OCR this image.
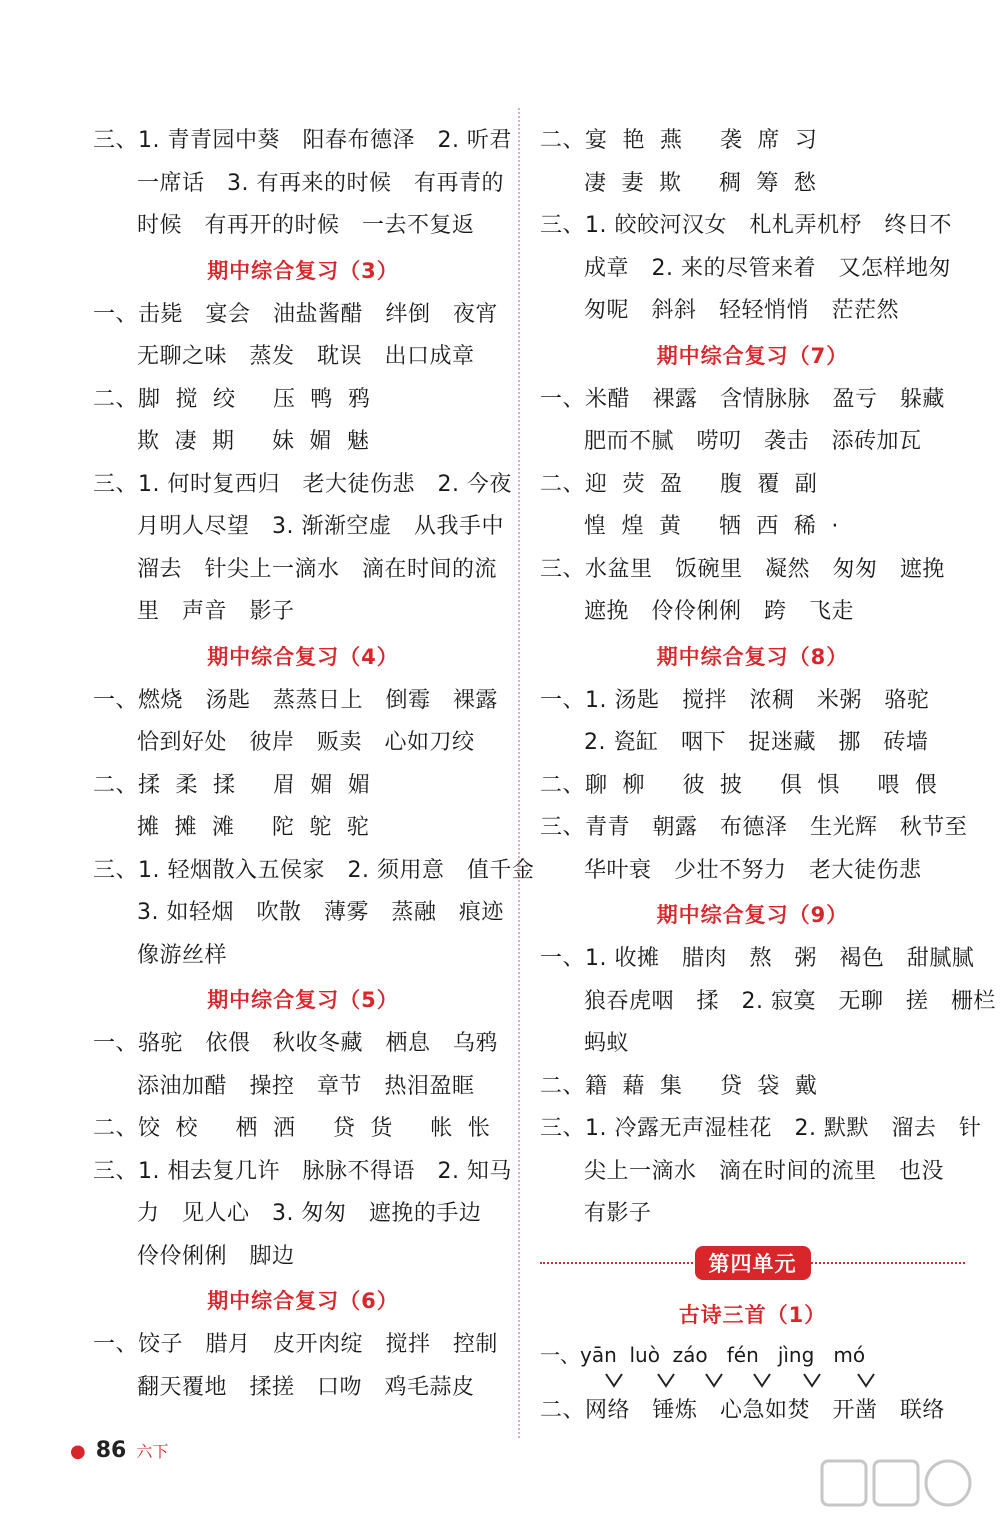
三、1. 青青园中葵   阳春布德泽   2. 听君
一席话   3. 有再来的时候   有再青的
时候   有再开的时候   一去不复返
期中综合复习（3）
一、击毙   宴会   油盐酱醋   绊倒   夜宵
无聊之味   蒸发   耽误   出口成章
二、脚  搅  绞     压  鸭  鸦
欺  凄  期     妹  媚  魅
三、1. 何时复西归   老大徒伤悲   2. 今夜
月明人尽望   3. 渐渐空虚   从我手中
溜去   针尖上一滴水   滴在时间的流
里   声音   影子
期中综合复习（4）
一、燃烧   汤匙   蒸蒸日上   倒霉   裸露
恰到好处   彼岸   贩卖   心如刀绞
二、揉  柔  揉     眉  媚  媚
摊  摊  滩     陀  鸵  驼
三、1. 轻烟散入五侯家   2. 须用意   值千金
3. 如轻烟   吹散   薄雾   蒸融   痕迹
像游丝样
期中综合复习（5）
一、骆驼   依偎   秋收冬藏   栖息   乌鸦
添油加醋   操控   章节   热泪盈眶
二、饺  校     栖  洒     贷  货     帐  怅
三、1. 相去复几许   脉脉不得语   2. 知马
力   见人心   3. 匆匆   遮挽的手边
伶伶俐俐   脚边
期中综合复习（6）
一、饺子   腊月   皮开肉绽   搅拌   控制
翻天覆地   揉搓   口吻   鸡毛蒜皮
二、宴  艳  燕     袭  席  习
凄  妻  欺     稠  筹  愁
三、1. 皎皎河汉女   札札弄机杼   终日不
成章   2. 来的尽管来着   又怎样地匆
匆呢   斜斜   轻轻悄悄   茫茫然
期中综合复习（7）
一、米醋   裸露   含情脉脉   盈亏   躲藏
肥而不腻   唠叨   袭击   添砖加瓦
二、迎  荧  盈     腹  覆  副
惶  煌  黄     牺  西  稀  ·
三、水盆里   饭碗里   凝然   匆匆   遮挽
遮挽   伶伶俐俐   跨   飞走
期中综合复习（8）
一、1. 汤匙   搅拌   浓稠   米粥   骆驼
2. 瓷缸   咽下   捉迷藏   挪   砖墙
二、聊  柳     彼  披     俱  惧     喂  偎
三、青青   朝露   布德泽   生光辉   秋节至
华叶衰   少壮不努力   老大徒伤悲
期中综合复习（9）
一、1. 收摊   腊肉   熬   粥   褐色   甜腻腻
狼吞虎咽   揉   2. 寂寞   无聊   搓   栅栏
蚂蚁
二、籍  藉  集     贷  袋  戴
三、1. 冷露无声湿桂花   2. 默默   溜去   针
尖上一滴水   滴在时间的流里   也没
有影子
第四单元
古诗三首（1）
一、yān  luò  záo   fén   jìng   mó
二、网络   锤炼   心急如焚   开凿   联络
● 86 六下
